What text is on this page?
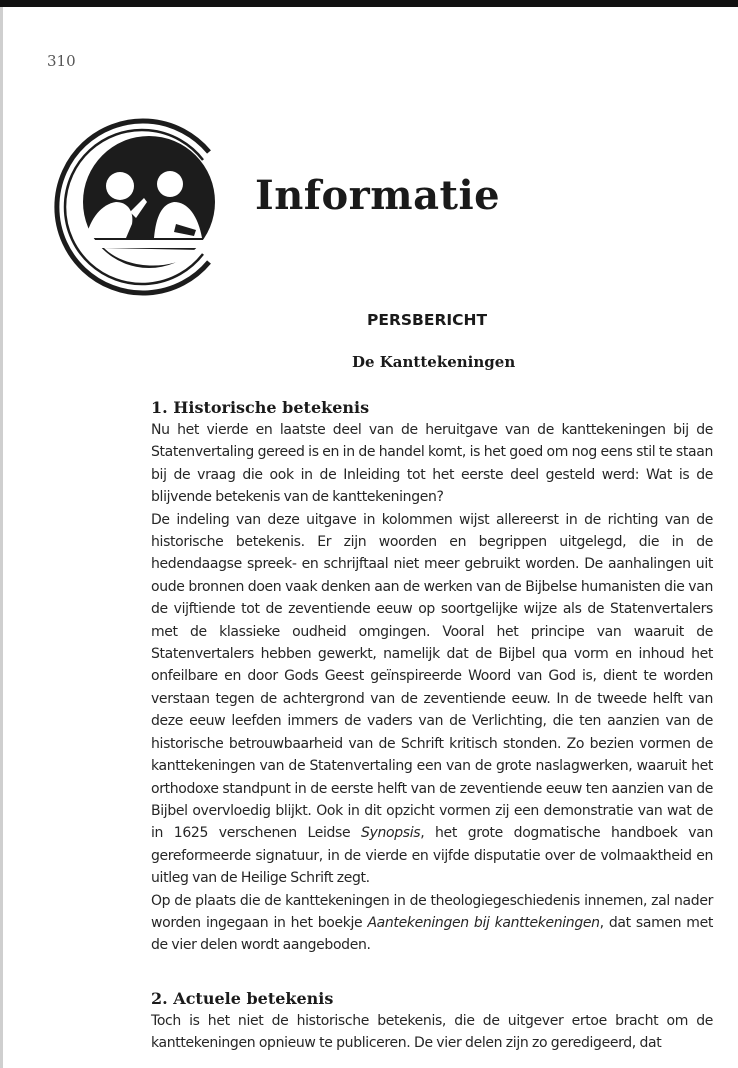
310
Informatie
PERSBERICHT
De Kanttekeningen
1. Historische betekenis

Nu het vierde en laatste deel van de heruitgave van de kanttekeningen bij de Statenvertaling gereed is en in de handel komt, is het goed om nog eens stil te staan bij de vraag die ook in de Inleiding tot het eerste deel gesteld werd: Wat is de blijvende betekenis van de kanttekeningen?

De indeling van deze uitgave in kolommen wijst allereerst in de richting van de historische betekenis. Er zijn woorden en begrippen uitgelegd, die in de hedendaagse spreek- en schrijftaal niet meer gebruikt worden. De aanhalingen uit oude bronnen doen vaak denken aan de werken van de Bijbelse humanisten die van de vijftiende tot de zeventiende eeuw op soortgelijke wijze als de Statenvertalers met de klassieke oudheid omgingen. Vooral het principe van waaruit de Statenvertalers hebben gewerkt, namelijk dat de Bijbel qua vorm en inhoud het onfeilbare en door Gods Geest geïnspireerde Woord van God is, dient te worden verstaan tegen de achtergrond van de zeventiende eeuw. In de tweede helft van deze eeuw leefden immers de vaders van de Verlichting, die ten aanzien van de historische betrouwbaarheid van de Schrift kritisch stonden. Zo bezien vormen de kanttekeningen van de Statenvertaling een van de grote naslagwerken, waaruit het orthodoxe standpunt in de eerste helft van de zeventiende eeuw ten aanzien van de Bijbel overvloedig blijkt. Ook in dit opzicht vormen zij een demonstratie van wat de in 1625 verschenen Leidse Synopsis, het grote dogmatische handboek van gereformeerde signatuur, in de vierde en vijfde disputatie over de volmaaktheid en uitleg van de Heilige Schrift zegt.

Op de plaats die de kanttekeningen in de theologiegeschiedenis innemen, zal nader worden ingegaan in het boekje Aantekeningen bij kanttekeningen, dat samen met de vier delen wordt aangeboden.

2. Actuele betekenis

Toch is het niet de historische betekenis, die de uitgever ertoe bracht om de kanttekeningen opnieuw te publiceren. De vier delen zijn zo geredigeerd, dat
